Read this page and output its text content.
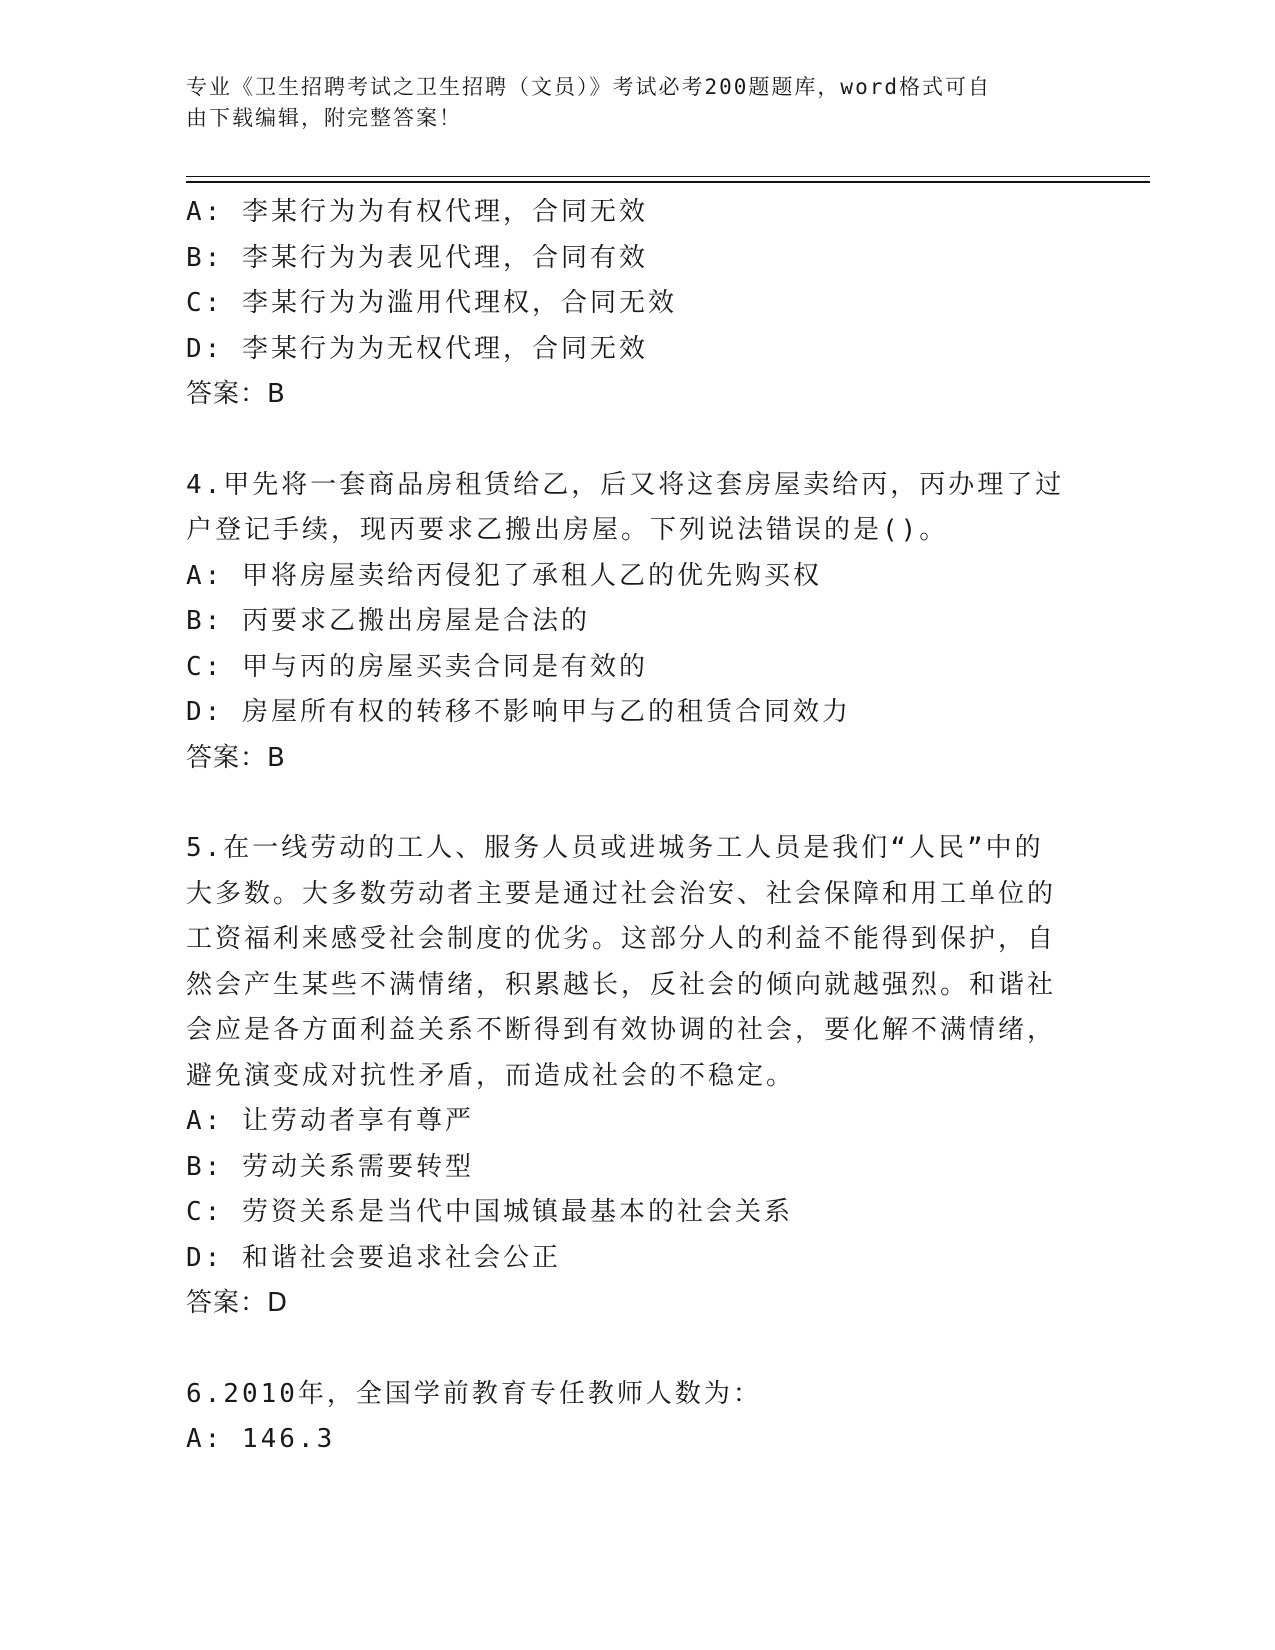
专业《卫生招聘考试之卫生招聘（文员）》考试必考200题题库，word格式可自
由下载编辑，附完整答案！
A: 李某行为为有权代理，合同无效
B: 李某行为为表见代理，合同有效
C: 李某行为为滥用代理权，合同无效
D: 李某行为为无权代理，合同无效
答案：B
4.甲先将一套商品房租赁给乙，后又将这套房屋卖给丙，丙办理了过
户登记手续，现丙要求乙搬出房屋。下列说法错误的是()。
A: 甲将房屋卖给丙侵犯了承租人乙的优先购买权
B: 丙要求乙搬出房屋是合法的
C: 甲与丙的房屋买卖合同是有效的
D: 房屋所有权的转移不影响甲与乙的租赁合同效力
答案：B
5.在一线劳动的工人、服务人员或进城务工人员是我们“人民”中的
大多数。大多数劳动者主要是通过社会治安、社会保障和用工单位的
工资福利来感受社会制度的优劣。这部分人的利益不能得到保护，自
然会产生某些不满情绪，积累越长，反社会的倾向就越强烈。和谐社
会应是各方面利益关系不断得到有效协调的社会，要化解不满情绪，
避免演变成对抗性矛盾，而造成社会的不稳定。
A: 让劳动者享有尊严
B: 劳动关系需要转型
C: 劳资关系是当代中国城镇最基本的社会关系
D: 和谐社会要追求社会公正
答案：D
6.2010年，全国学前教育专任教师人数为：
A: 146.3
